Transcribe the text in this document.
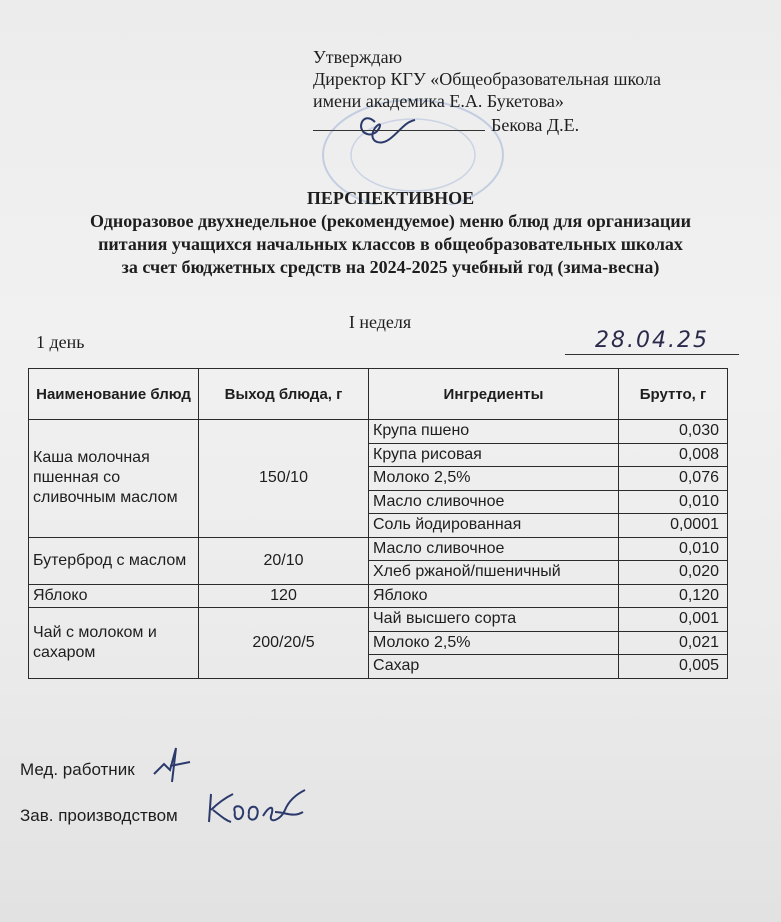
Утверждаю
Директор КГУ «Общеобразовательная школа
имени академика Е.А. Букетова»
Бекова Д.Е.
ПЕРСПЕКТИВНОЕ
Одноразовое двухнедельное (рекомендуемое) меню блюд для организации
питания учащихся начальных классов в общеобразовательных школах
за счет бюджетных средств на 2024-2025 учебный год (зима-весна)
I неделя
1 день	28.04.25
Наименование блюд	Выход блюда, г	Ингредиенты	Брутто, г
Каша молочная пшенная со сливочным маслом	150/10	Крупа пшено	0,030
		Крупа рисовая	0,008
		Молоко 2,5%	0,076
		Масло сливочное	0,010
		Соль йодированная	0,0001
Бутерброд с маслом	20/10	Масло сливочное	0,010
		Хлеб ржаной/пшеничный	0,020
Яблоко	120	Яблоко	0,120
Чай с молоком и сахаром	200/20/5	Чай высшего сорта	0,001
		Молоко 2,5%	0,021
		Сахар	0,005
Мед. работник
Зав. производством
